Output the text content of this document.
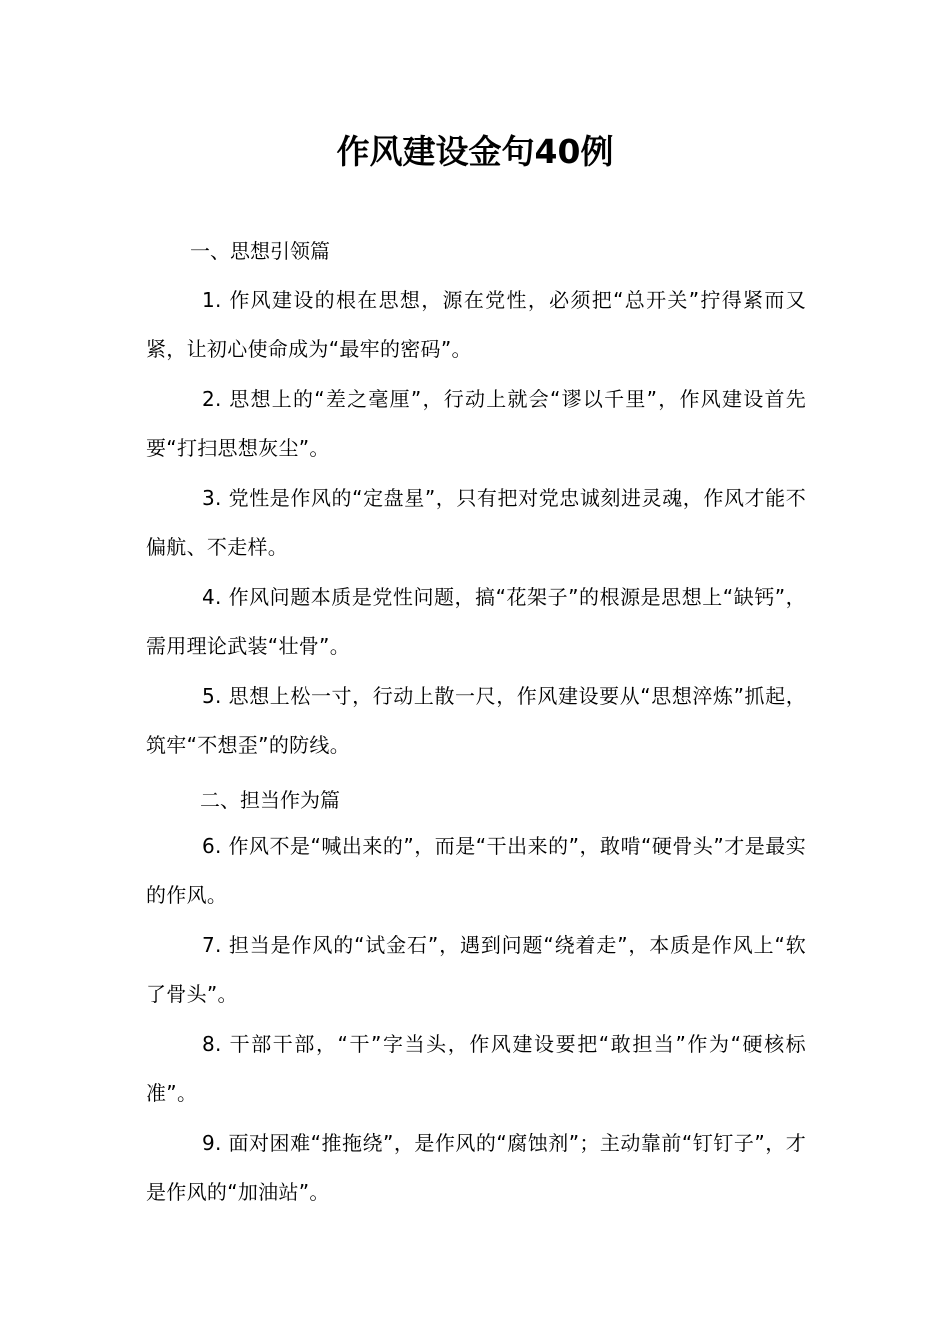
作风建设金句40例
一、思想引领篇
1. 作风建设的根在思想，源在党性，必须把“总开关”拧得紧而又紧，让初心使命成为“最牢的密码”。
2. 思想上的“差之毫厘”，行动上就会“谬以千里”，作风建设首先要“打扫思想灰尘”。
3. 党性是作风的“定盘星”，只有把对党忠诚刻进灵魂，作风才能不偏航、不走样。
4. 作风问题本质是党性问题，搞“花架子”的根源是思想上“缺钙”，需用理论武装“壮骨”。
5. 思想上松一寸，行动上散一尺，作风建设要从“思想淬炼”抓起，筑牢“不想歪”的防线。
二、担当作为篇
6. 作风不是“喊出来的”，而是“干出来的”，敢啃“硬骨头”才是最实的作风。
7. 担当是作风的“试金石”，遇到问题“绕着走”，本质是作风上“软了骨头”。
8. 干部干部，“干”字当头，作风建设要把“敢担当”作为“硬核标准”。
9. 面对困难“推拖绕”，是作风的“腐蚀剂”；主动靠前“钉钉子”，才是作风的“加油站”。
